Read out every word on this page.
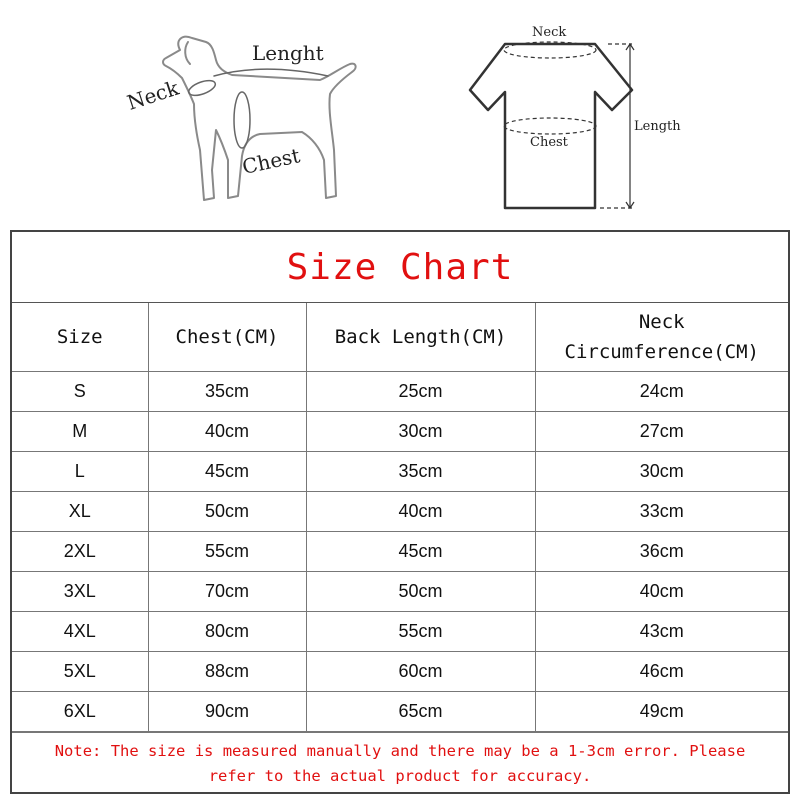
Neck
Lenght
Chest
Neck
Chest
Length
Size Chart
Size	Chest(CM)	Back Length(CM)	Neck
Circumference(CM)

S	35cm	25cm	24cm
M	40cm	30cm	27cm
L	45cm	35cm	30cm
XL	50cm	40cm	33cm
2XL	55cm	45cm	36cm
3XL	70cm	50cm	40cm
4XL	80cm	55cm	43cm
5XL	88cm	60cm	46cm
6XL	90cm	65cm	49cm
Note: The size is measured manually and there may be a 1-3cm error. Please refer to the actual product for accuracy.
